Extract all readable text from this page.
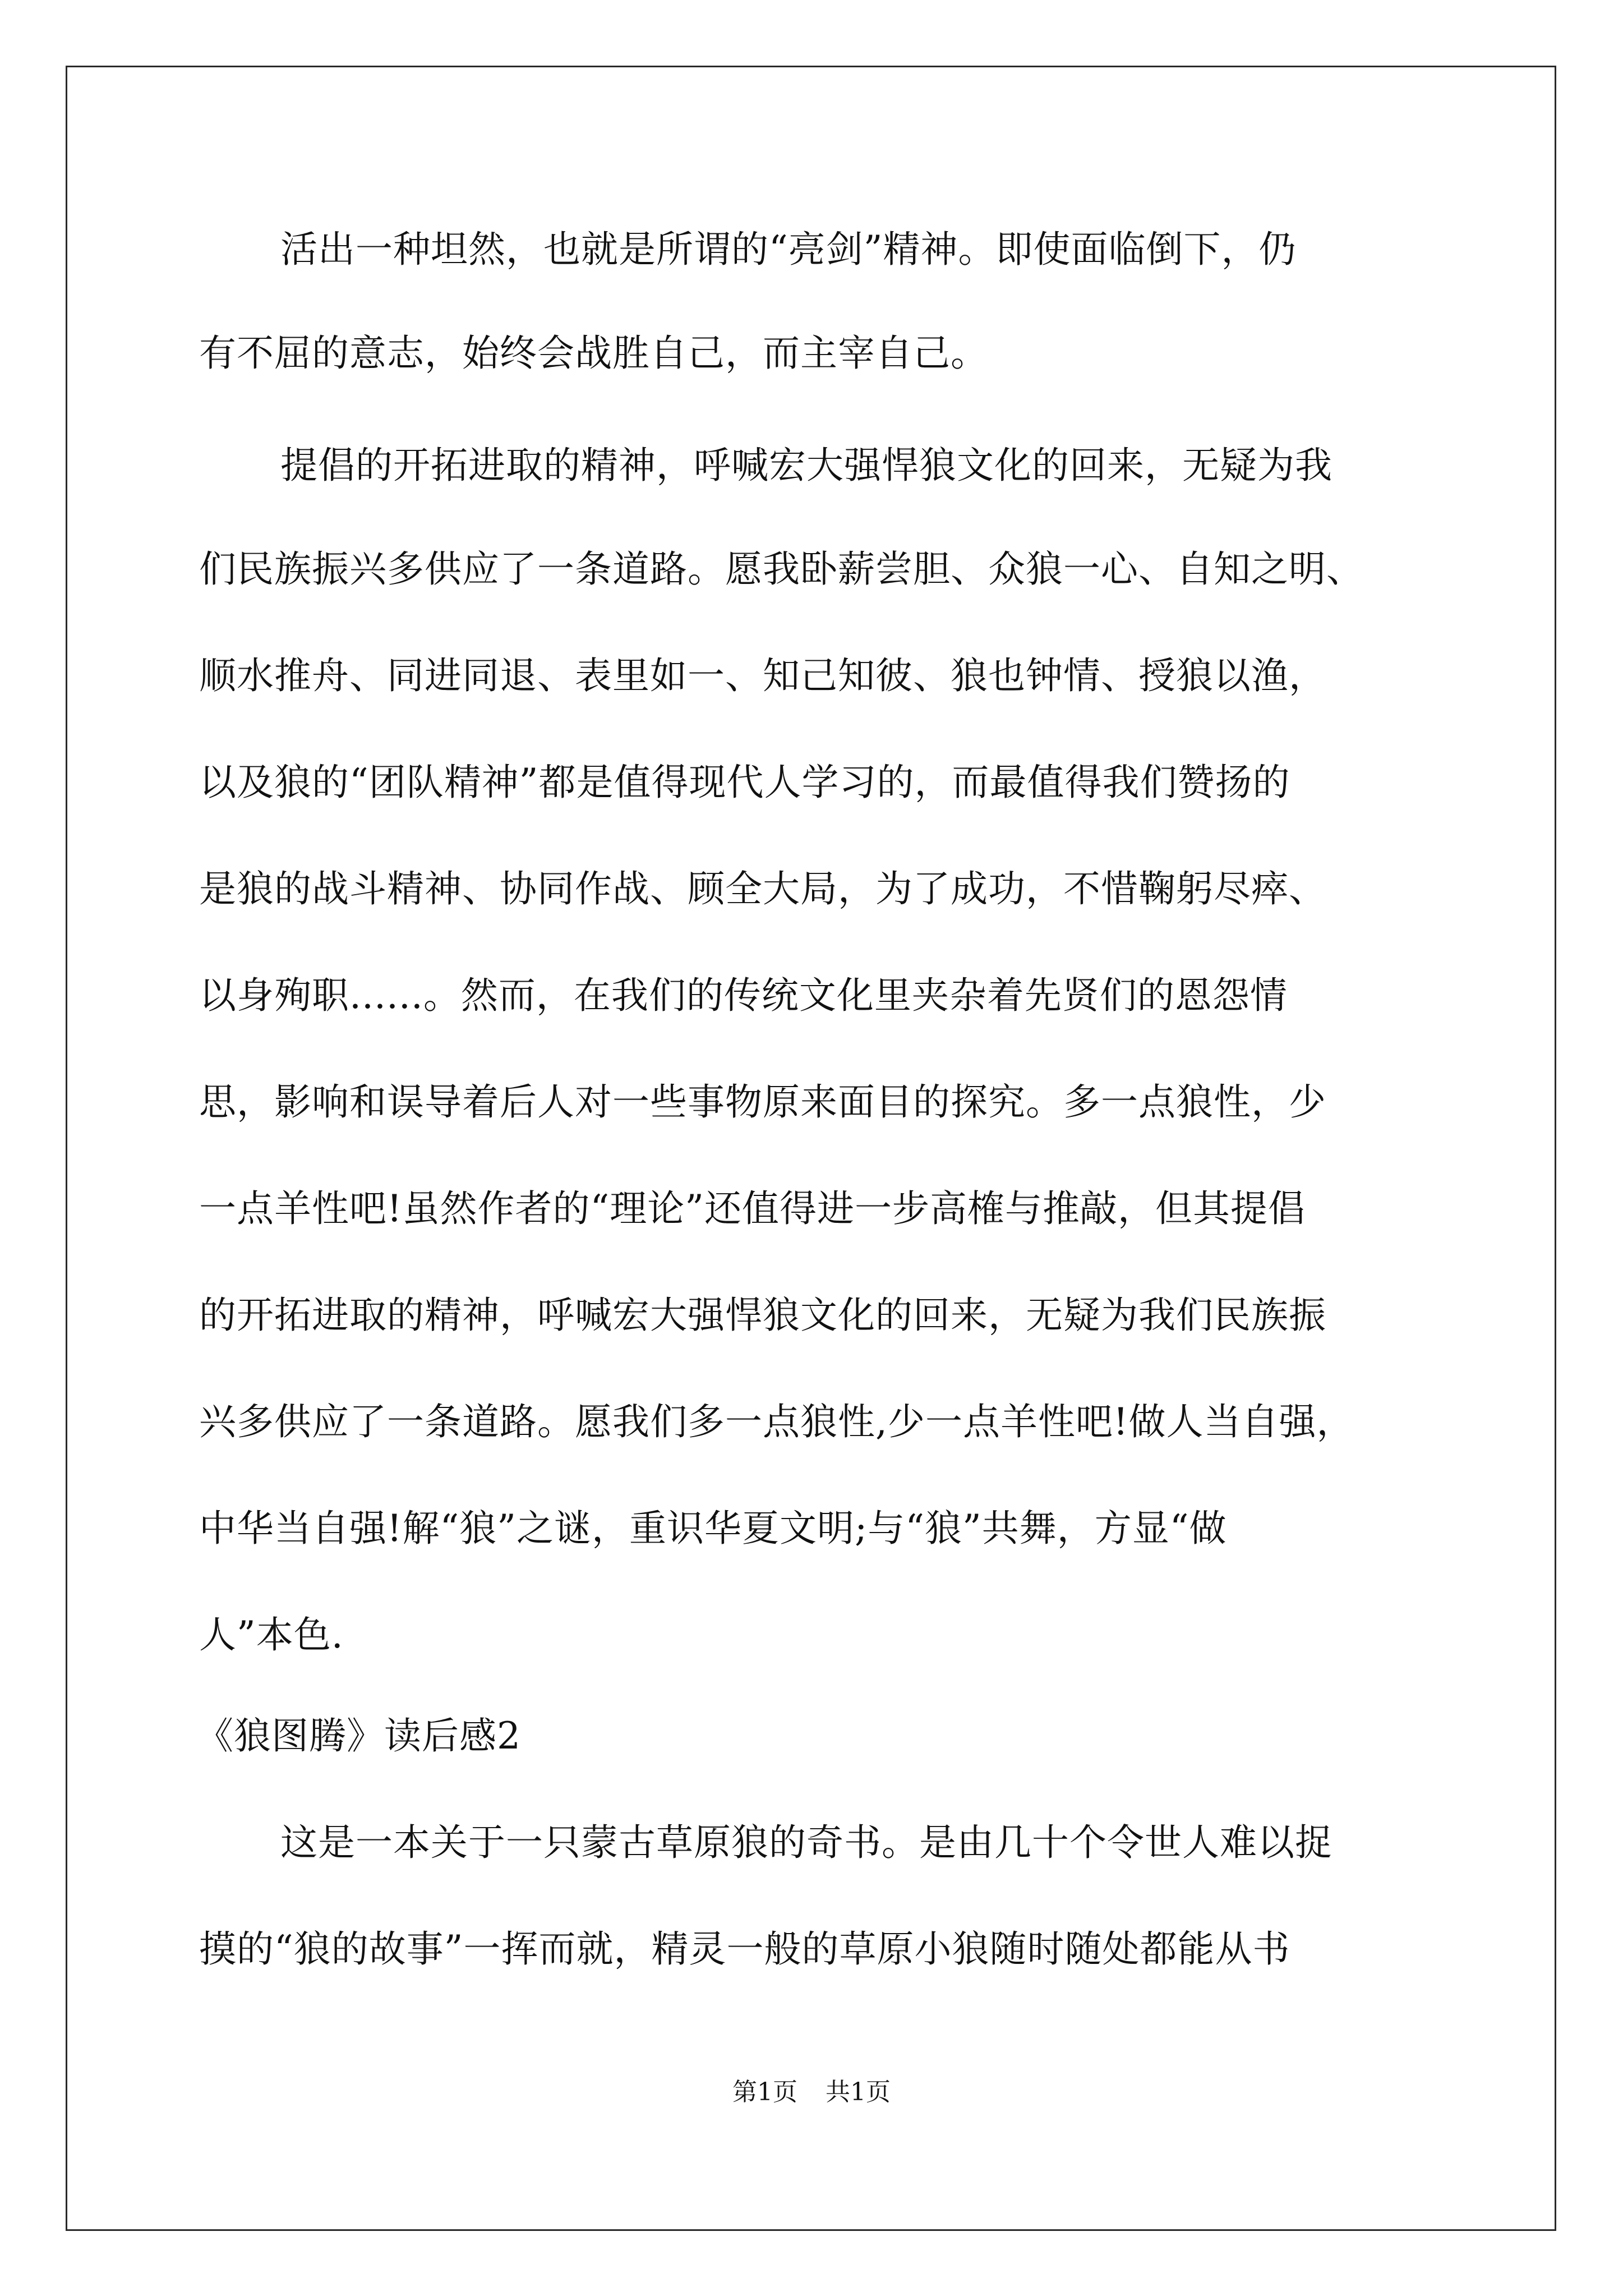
活出一种坦然，也就是所谓的“亮剑”精神。即使面临倒下，仍
有不屈的意志，始终会战胜自己，而主宰自己。
提倡的开拓进取的精神，呼喊宏大强悍狼文化的回来，无疑为我
们民族振兴多供应了一条道路。愿我卧薪尝胆、众狼一心、自知之明、
顺水推舟、同进同退、表里如一、知己知彼、狼也钟情、授狼以渔，
以及狼的“团队精神”都是值得现代人学习的，而最值得我们赞扬的
是狼的战斗精神、协同作战、顾全大局，为了成功，不惜鞠躬尽瘁、
以身殉职......。然而，在我们的传统文化里夹杂着先贤们的恩怨情
思，影响和误导着后人对一些事物原来面目的探究。多一点狼性，少
一点羊性吧!虽然作者的“理论”还值得进一步高榷与推敲，但其提倡
的开拓进取的精神，呼喊宏大强悍狼文化的回来，无疑为我们民族振
兴多供应了一条道路。愿我们多一点狼性,少一点羊性吧!做人当自强，
中华当自强!解“狼”之谜，重识华夏文明;与“狼”共舞，方显“做
人”本色.
《狼图腾》读后感2
这是一本关于一只蒙古草原狼的奇书。是由几十个令世人难以捉
摸的“狼的故事”一挥而就，精灵一般的草原小狼随时随处都能从书
第1页 共1页
